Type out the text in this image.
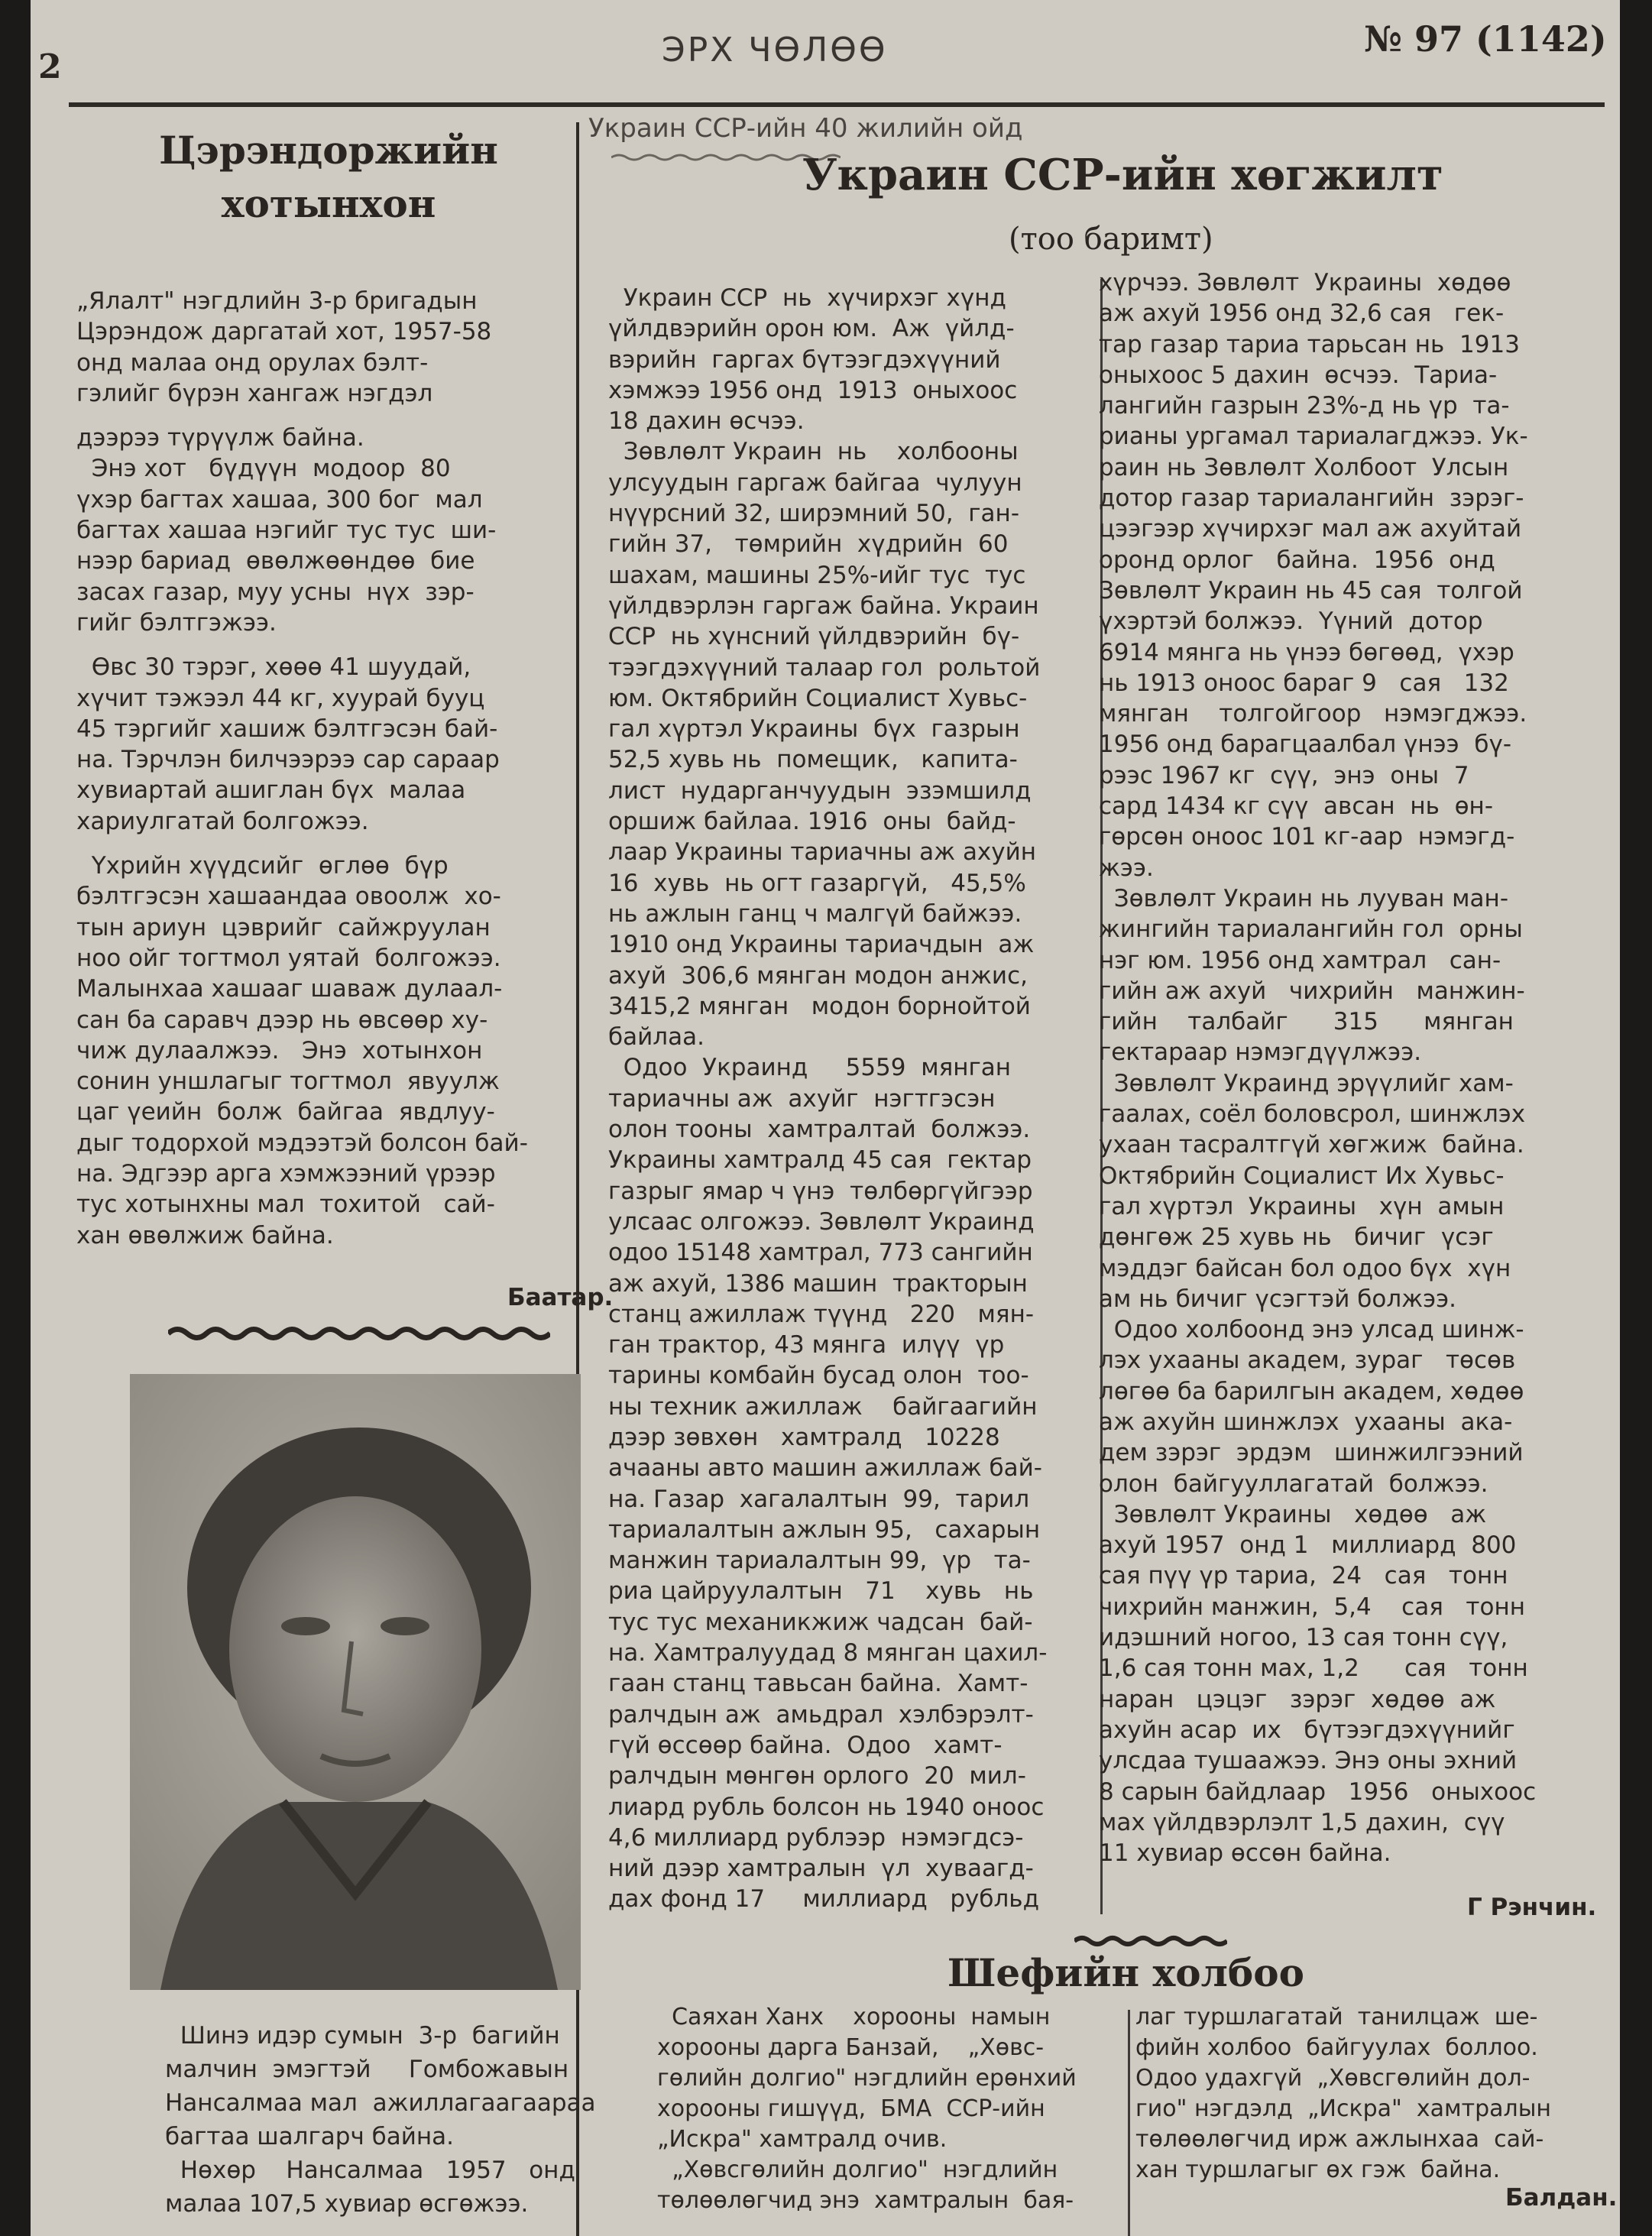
2	ЭРХ ЧӨЛӨӨ	№ 97 (1142)
Цэрэндоржийн
хотынхон
„Ялалт" нэгдлийн 3-р бригадын
Цэрэндож даргатай хот, 1957-58
онд малаа онд орулах бэлт-
гэлийг бүрэн хангаж нэгдэл

дээрээ түрүүлж байна.
Энэ хот   бүдүүн  модоор  80
үхэр багтах хашаа, 300 бог  мал
багтах хашаа нэгийг тус тус  ши-
нээр бариад  өвөлжөөндөө  бие
засах газар, муу усны  нүх  зэр-
гийг бэлтгэжээ.

Өвс 30 тэрэг, хөөө 41 шуудай,
хүчит тэжээл 44 кг, хуурай бууц
45 тэргийг хашиж бэлтгэсэн бай-
на. Тэрчлэн билчээрээ сар сараар
хувиартай ашиглан бүх  малаа
хариулгатай болгожээ.

Үхрийн хүүдсийг  өглөө  бүр
бэлтгэсэн хашаандаа овоолж  хо-
тын ариун  цэврийг  сайжруулан
ноо ойг тогтмол уятай  болгожээ.
Малынхаа хашааг шаваж дулаал-
сан ба саравч дээр нь өвсөөр ху-
чиж дулаалжээ.   Энэ  хотынхон
сонин уншлагыг тогтмол  явуулж
цаг үеийн  болж  байгаа  явдлуу-
дыг тодорхой мэдээтэй болсон бай-
на. Эдгээр арга хэмжээний үрээр
тус хотынхны мал  тохитой   сай-
хан өвөлжиж байна.
Баатар.
Шинэ идэр сумын  3-р  багийн
малчин  эмэгтэй     Гомбожавын
Нансалмаа мал  ажиллагаагаараа
багтаа шалгарч байна.
Нөхөр    Нансалмаа   1957   онд
малаа 107,5 хувиар өсгөжээ.
Украин ССР-ийн 40 жилийн ойд
Украин ССР-ийн хөгжилт
(тоо баримт)
Украин ССР  нь  хүчирхэг хүнд
үйлдвэрийн орон юм.  Аж  үйлд-
вэрийн  гаргах бүтээгдэхүүний
хэмжээ 1956 онд  1913  оныхоос
18 дахин өсчээ.
Зөвлөлт Украин  нь    холбооны
улсуудын гаргаж байгаа  чулуун
нүүрсний 32, ширэмний 50,  ган-
гийн 37,   төмрийн  хүдрийн  60
шахам, машины 25%-ийг тус  тус
үйлдвэрлэн гаргаж байна. Украин
ССР  нь хүнсний үйлдвэрийн  бү-
тээгдэхүүний талаар гол  рольтой
юм. Октябрийн Социалист Хувьс-
гал хүртэл Украины  бүх  газрын
52,5 хувь нь  помещик,   капита-
лист  нударганчуудын  эзэмшилд
оршиж байлаа. 1916  оны  байд-
лаар Украины тариачны аж ахуйн
16  хувь  нь огт газаргүй,   45,5%
нь ажлын ганц ч малгүй байжээ.
1910 онд Украины тариачдын  аж
ахуй  306,6 мянган модон анжис,
3415,2 мянган   модон борнойтой
байлаа.
Одоо  Украинд     5559  мянган
тариачны аж  ахуйг  нэгтгэсэн
олон тооны  хамтралтай  болжээ.
Украины хамтралд 45 сая  гектар
газрыг ямар ч үнэ  төлбөргүйгээр
улсаас олгожээ. Зөвлөлт Украинд
одоо 15148 хамтрал, 773 сангийн
аж ахуй, 1386 машин  тракторын
станц ажиллаж түүнд   220   мян-
ган трактор, 43 мянга  илүү  үр
тарины комбайн бусад олон  тоо-
ны техник ажиллаж    байгаагийн
дээр зөвхөн   хамтралд   10228
ачааны авто машин ажиллаж бай-
на. Газар  хагалалтын  99,  тарил
тариалалтын ажлын 95,   сахарын
манжин тариалалтын 99,  үр   та-
риа цайруулалтын   71    хувь   нь
тус тус механикжиж чадсан  бай-
на. Хамтралуудад 8 мянган цахил-
гаан станц тавьсан байна.  Хамт-
ралчдын аж  амьдрал  хэлбэрэлт-
гүй өссөөр байна.  Одоо   хамт-
ралчдын мөнгөн орлого  20  мил-
лиард рубль болсон нь 1940 оноос
4,6 миллиард рублээр  нэмэгдсэ-
ний дээр хамтралын  үл  хуваагд-
дах фонд 17     миллиард   рубльд
хүрчээ. Зөвлөлт  Украины  хөдөө
аж ахуй 1956 онд 32,6 сая   гек-
тар газар тариа тарьсан нь  1913
оныхоос 5 дахин  өсчээ.  Тариа-
лангийн газрын 23%-д нь үр  та-
рианы ургамал тариалагджээ. Ук-
раин нь Зөвлөлт Холбоот  Улсын
дотор газар тариалангийн  зэрэг-
цээгээр хүчирхэг мал аж ахуйтай
оронд орлог   байна.  1956  онд
Зөвлөлт Украин нь 45 сая  толгой
үхэртэй болжээ.  Үүний  дотор
6914 мянга нь үнээ бөгөөд,  үхэр
нь 1913 оноос бараг 9   сая   132
мянган    толгойгоор   нэмэгджээ.
1956 онд барагцаалбал үнээ  бү-
рээс 1967 кг  сүү,  энэ  оны  7
сард 1434 кг сүү  авсан  нь  өн-
гөрсөн оноос 101 кг-аар  нэмэгд-
жээ.
Зөвлөлт Украин нь лууван ман-
жингийн тариалангийн гол  орны
нэг юм. 1956 онд хамтрал   сан-
гийн аж ахуй   чихрийн   манжин-
гийн    талбайг      315      мянган
гектараар нэмэгдүүлжээ.
Зөвлөлт Украинд эрүүлийг хам-
гаалах, соёл боловсрол, шинжлэх
ухаан тасралтгүй хөгжиж  байна.
Октябрийн Социалист Их Хувьс-
гал хүртэл  Украины   хүн  амын
дөнгөж 25 хувь нь   бичиг  үсэг
мэддэг байсан бол одоо бүх  хүн
ам нь бичиг үсэгтэй болжээ.
Одоо холбоонд энэ улсад шинж-
лэх ухааны академ, зураг   төсөв
лөгөө ба барилгын академ, хөдөө
аж ахуйн шинжлэх  ухааны  ака-
дем зэрэг  эрдэм   шинжилгээний
олон  байгууллагатай  болжээ.
Зөвлөлт Украины   хөдөө   аж
ахуй 1957  онд 1   миллиард  800
сая пүү үр тариа,  24   сая   тонн
чихрийн манжин,  5,4    сая   тонн
идэшний ногоо, 13 сая тонн сүү,
1,6 сая тонн мах, 1,2      сая   тонн
наран   цэцэг   зэрэг  хөдөө  аж
ахуйн асар  их   бүтээгдэхүүнийг
улсдаа тушаажээ. Энэ оны эхний
8 сарын байдлаар   1956   оныхоос
мах үйлдвэрлэлт 1,5 дахин,  сүү
11 хувиар өссөн байна.
Г Рэнчин.
Шефийн холбоо
Саяхан Ханх    хорооны  намын
хорооны дарга Банзай,    „Хөвс-
гөлийн долгио" нэгдлийн ерөнхий
хорооны гишүүд,  БМА  ССР-ийн
„Искра" хамтралд очив.
„Хөвсгөлийн долгио"  нэгдлийн
төлөөлөгчид энэ  хамтралын  бая-
лаг туршлагатай  танилцаж  ше-
фийн холбоо  байгуулах  боллоо.
Одоо удахгүй  „Хөвсгөлийн дол-
гио" нэгдэлд  „Искра"  хамтралын
төлөөлөгчид ирж ажлынхаа  сай-
хан туршлагыг өх гэж  байна.
Балдан.
